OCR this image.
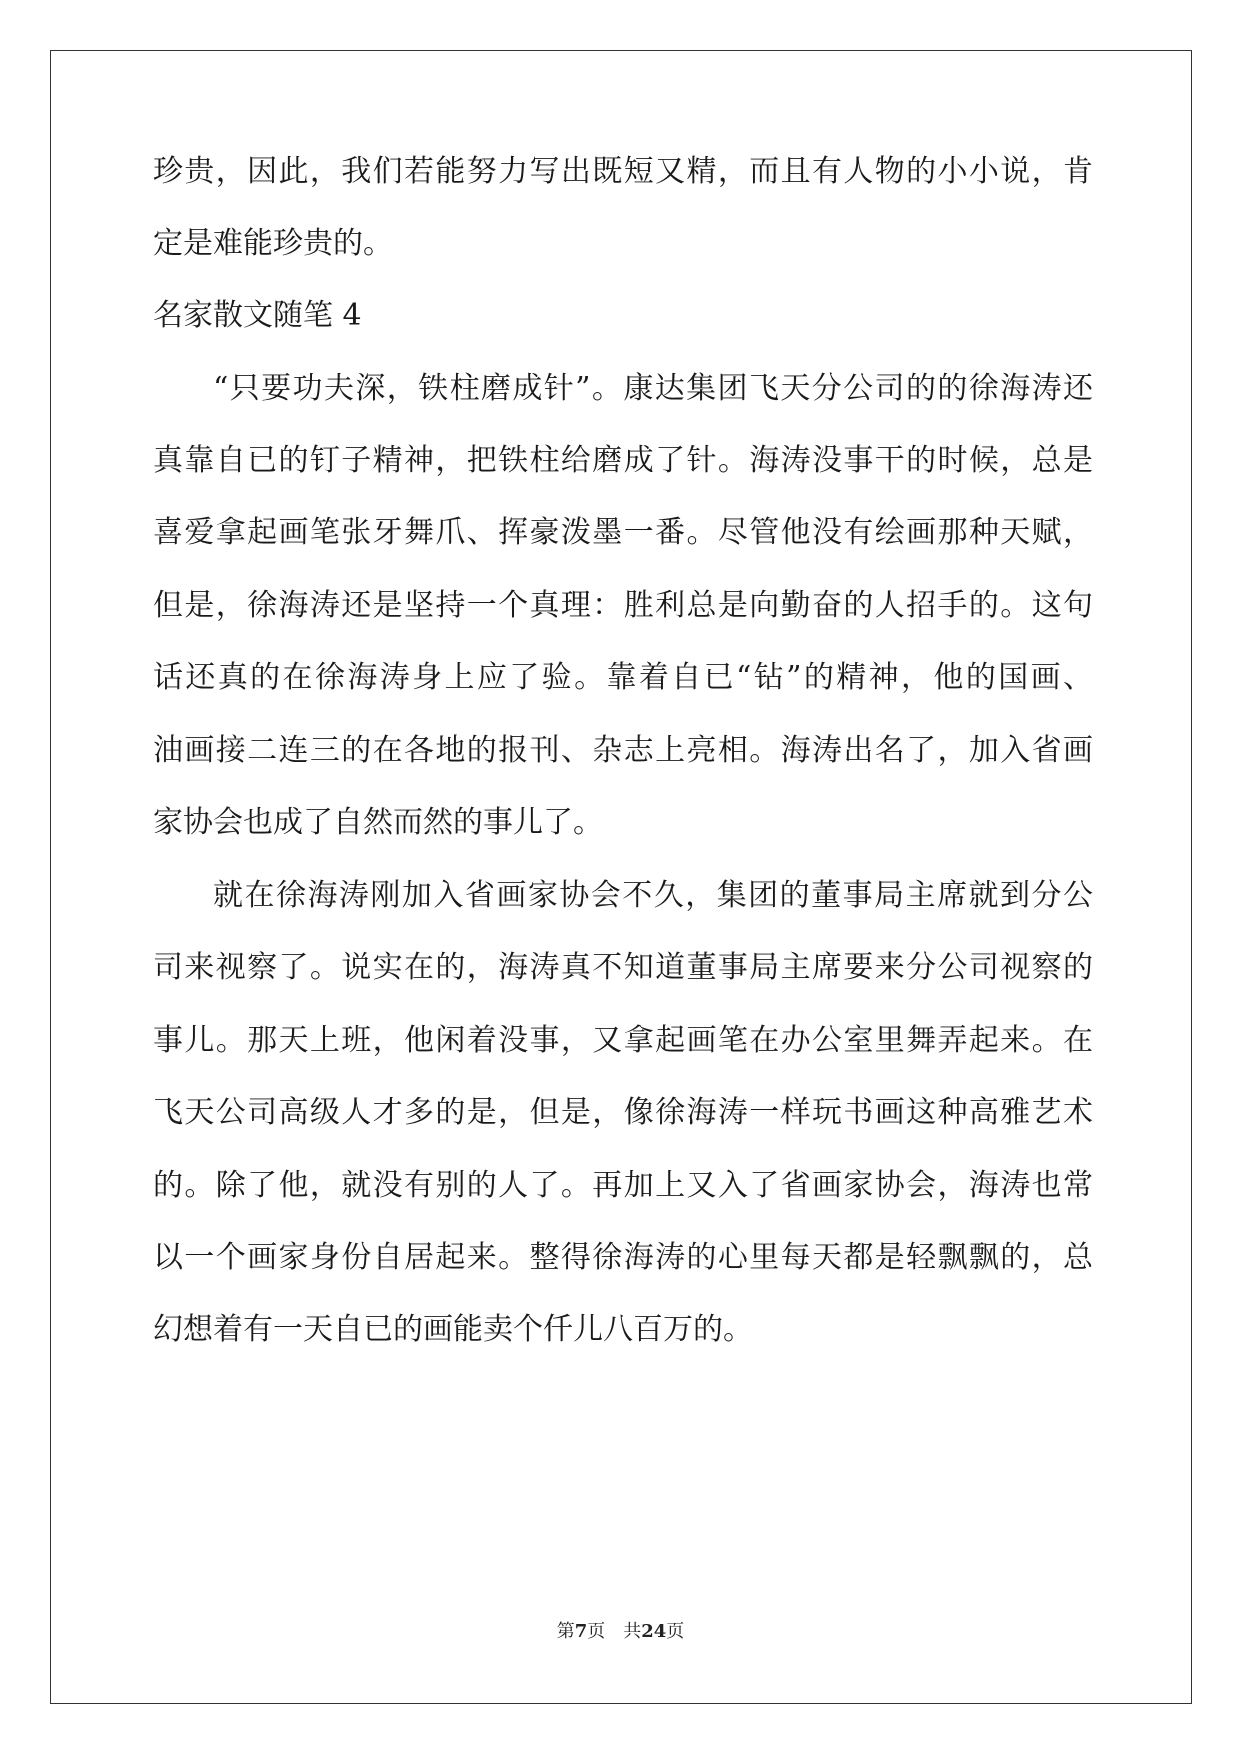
珍贵，因此，我们若能努力写出既短又精，而且有人物的小小说，肯
定是难能珍贵的。
名家散文随笔 4
“只要功夫深，铁柱磨成针”。康达集团飞天分公司的的徐海涛还
真靠自已的钉子精神，把铁柱给磨成了针。海涛没事干的时候，总是
喜爱拿起画笔张牙舞爪、挥豪泼墨一番。尽管他没有绘画那种天赋，
但是，徐海涛还是坚持一个真理：胜利总是向勤奋的人招手的。这句
话还真的在徐海涛身上应了验。靠着自已“钻”的精神，他的国画、
油画接二连三的在各地的报刊、杂志上亮相。海涛出名了，加入省画
家协会也成了自然而然的事儿了。
就在徐海涛刚加入省画家协会不久，集团的董事局主席就到分公
司来视察了。说实在的，海涛真不知道董事局主席要来分公司视察的
事儿。那天上班，他闲着没事，又拿起画笔在办公室里舞弄起来。在
飞天公司高级人才多的是，但是，像徐海涛一样玩书画这种高雅艺术
的。除了他，就没有别的人了。再加上又入了省画家协会，海涛也常
以一个画家身份自居起来。整得徐海涛的心里每天都是轻飘飘的，总
幻想着有一天自已的画能卖个仟儿八百万的。
第7页  共24页
